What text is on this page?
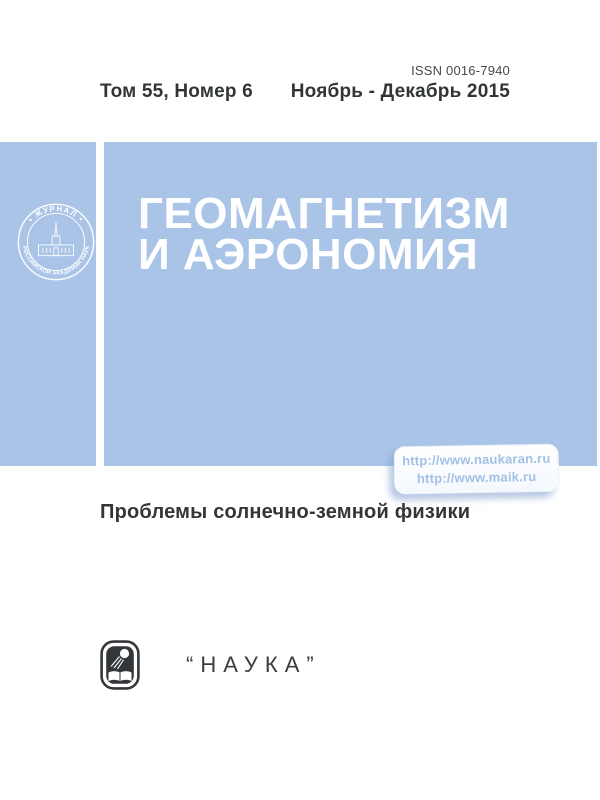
ISSN 0016-7940
Том 55, Номер 6 Ноябрь - Декабрь 2015
• ЖУРНАЛ •
РОССИЙСКОЙ АКАДЕМИИ НАУК
ГЕОМАГНЕТИЗМ
И АЭРОНОМИЯ
http://www.naukaran.ru
http://www.maik.ru
Проблемы солнечно-земной физики
“НАУКА”
